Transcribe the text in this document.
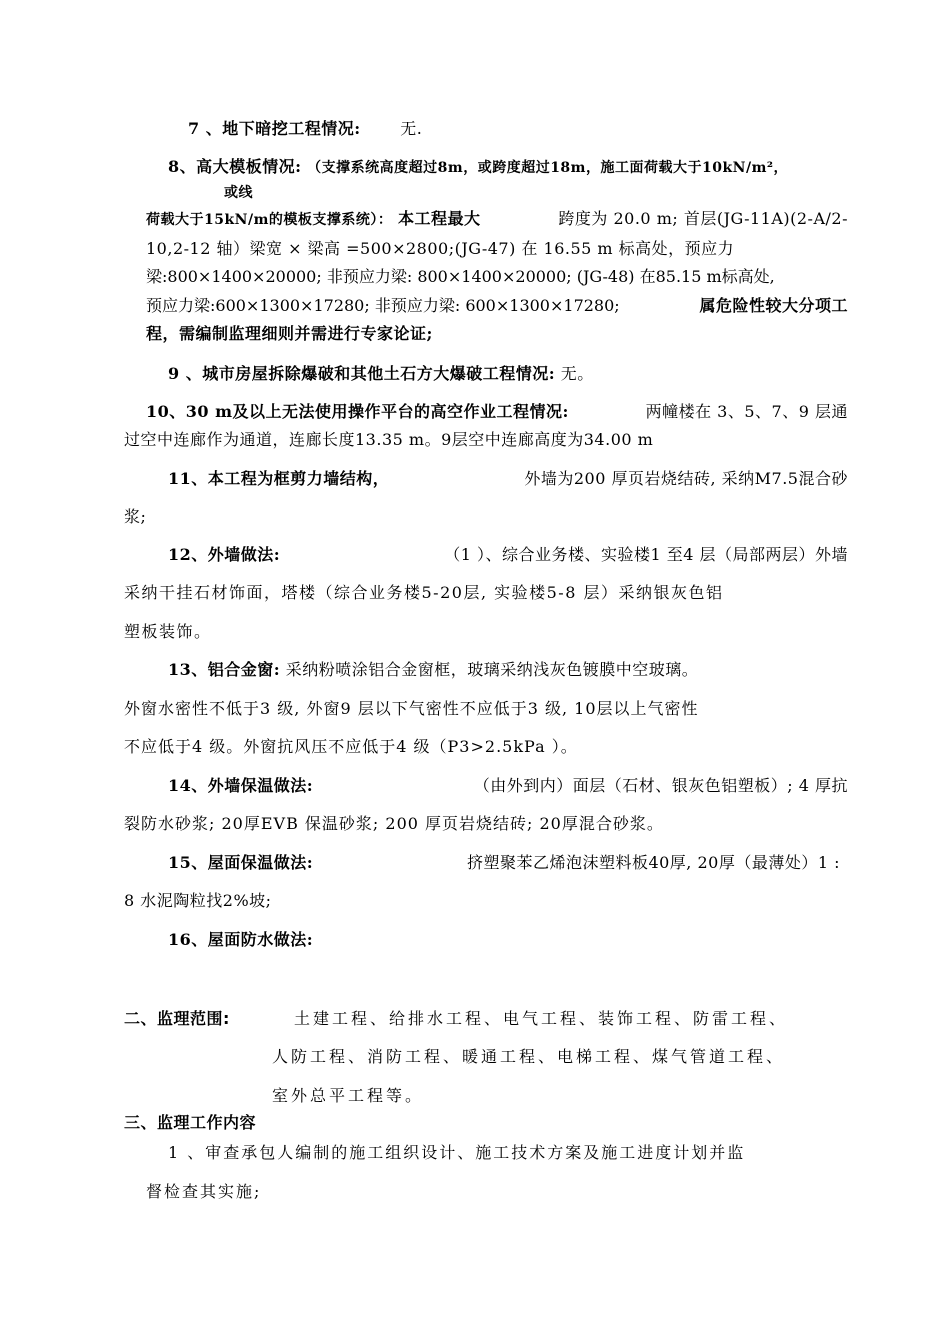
7 、地下暗挖工程情况: 无.
8、高大模板情况: （支撑系统高度超过8m，或跨度超过18m，施工面荷载大于10kN/m²，
或线
荷载大于15kN/m的模板支撑系统）： 本工程最大	跨度为 20.0 m; 首层(JG-11A)(2-A/2-
10,2-12 轴）梁宽 × 梁高 =500×2800;(JG-47) 在 16.55 m 标高处，预应力
梁:800×1400×20000; 非预应力梁: 800×1400×20000; (JG-48) 在85.15 m标高处,
预应力梁:600×1300×17280; 非预应力梁: 600×1300×17280;	属危险性较大分项工
程，需编制监理细则并需进行专家论证;
9 、城市房屋拆除爆破和其他土石方大爆破工程情况: 无。
10、30 m及以上无法使用操作平台的高空作业工程情况:	两幢楼在 3、5、7、9 层通
过空中连廊作为通道，连廊长度13.35 m。9层空中连廊高度为34.00 m
11、本工程为框剪力墙结构，	外墙为200 厚页岩烧结砖, 采纳M7.5混合砂
浆;
12、外墙做法:	（1 ）、综合业务楼、实验楼1 至4 层（局部两层）外墙
采纳干挂石材饰面，塔楼（综合业务楼5-20层, 实验楼5-8 层）采纳银灰色铝
塑板装饰。
13、铝合金窗: 采纳粉喷涂铝合金窗框，玻璃采纳浅灰色镀膜中空玻璃。
外窗水密性不低于3 级, 外窗9 层以下气密性不应低于3 级, 10层以上气密性
不应低于4 级。外窗抗风压不应低于4 级（P3>2.5kPa ）。
14、外墙保温做法:	（由外到内）面层（石材、银灰色铝塑板）; 4 厚抗
裂防水砂浆; 20厚EVB 保温砂浆; 200 厚页岩烧结砖; 20厚混合砂浆。
15、屋面保温做法:	挤塑聚苯乙烯泡沫塑料板40厚, 20厚（最薄处）1 :
8 水泥陶粒找2%坡;
16、屋面防水做法:
二、监理范围:	土建工程、给排水工程、电气工程、装饰工程、防雷工程、
人防工程、消防工程、暖通工程、电梯工程、煤气管道工程、
室外总平工程等。
三、监理工作内容
1 、审查承包人编制的施工组织设计、施工技术方案及施工进度计划并监
督检查其实施;
